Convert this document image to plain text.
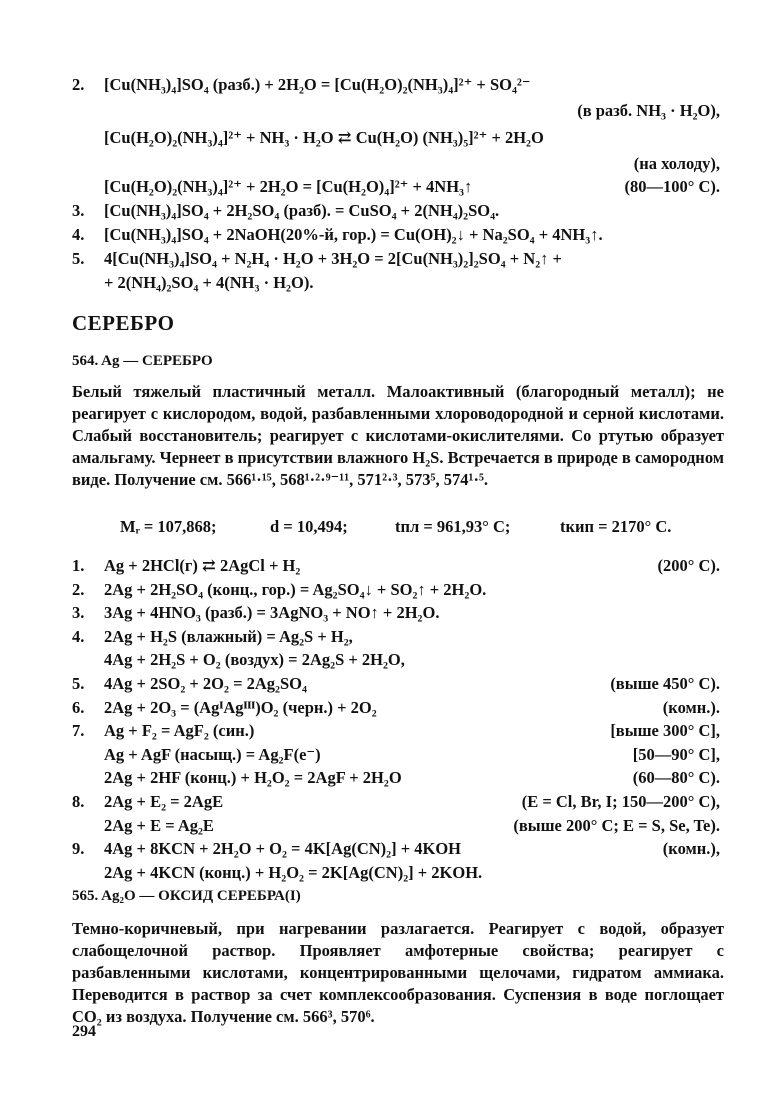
2. [Cu(NH₃)₄]SO₄ (разб.) + 2H₂O = [Cu(H₂O)₂(NH₃)₄]²⁺ + SO₄²⁻
(в разб. NH₃ · H₂O),
[Cu(H₂O)₂(NH₃)₄]²⁺ + NH₃ · H₂O ⇄ Cu(H₂O) (NH₃)₅]²⁺ + 2H₂O
(на холоду),
[Cu(H₂O)₂(NH₃)₄]²⁺ + 2H₂O = [Cu(H₂O)₄]²⁺ + 4NH₃↑	(80—100° С).
3. [Cu(NH₃)₄]SO₄ + 2H₂SO₄ (разб). = CuSO₄ + 2(NH₄)₂SO₄.
4. [Cu(NH₃)₄]SO₄ + 2NaOH(20%-й, гор.) = Cu(OH)₂↓ + Na₂SO₄ + 4NH₃↑.
5. 4[Cu(NH₃)₄]SO₄ + N₂H₄ · H₂O + 3H₂O = 2[Cu(NH₃)₂]₂SO₄ + N₂↑ +
+ 2(NH₄)₂SO₄ + 4(NH₃ · H₂O).
СЕРЕБРО
564. Ag — СЕРЕБРО
Белый тяжелый пластичный металл. Малоактивный (благородный металл); не реагирует с кислородом, водой, разбавленными хлороводородной и серной кислотами. Слабый восстановитель; реагирует с кислотами-окислителями. Со ртутью образует амальгаму. Чернеет в присутствии влажного H₂S. Встречается в природе в самородном виде. Получение см. 566¹·¹⁵, 568¹·²·⁹⁻¹¹, 571²·³, 573⁵, 574¹·⁵.
Mᵣ = 107,868;	d = 10,494;	tпл = 961,93° С;	tкип = 2170° С.
1. Ag + 2HCl(г) ⇄ 2AgCl + H₂	(200° С).
2. 2Ag + 2H₂SO₄ (конц., гор.) = Ag₂SO₄↓ + SO₂↑ + 2H₂O.
3. 3Ag + 4HNO₃ (разб.) = 3AgNO₃ + NO↑ + 2H₂O.
4. 2Ag + H₂S (влажный) = Ag₂S + H₂,
4Ag + 2H₂S + O₂ (воздух) = 2Ag₂S + 2H₂O,
5. 4Ag + 2SO₂ + 2O₂ = 2Ag₂SO₄	(выше 450° С).
6. 2Ag + 2O₃ = (AgᴵAgᴵᴵᴵ)O₂ (черн.) + 2O₂	(комн.).
7. Ag + F₂ = AgF₂ (син.)	[выше 300° С],
Ag + AgF (насыщ.) = Ag₂F(e⁻)	[50—90° С],
2Ag + 2HF (конц.) + H₂O₂ = 2AgF + 2H₂O	(60—80° С).
8. 2Ag + E₂ = 2AgE	(E = Cl, Br, I; 150—200° С),
2Ag + E = Ag₂E	(выше 200° С; E = S, Se, Te).
9. 4Ag + 8KCN + 2H₂O + O₂ = 4K[Ag(CN)₂] + 4KOH	(комн.),
2Ag + 4KCN (конц.) + H₂O₂ = 2K[Ag(CN)₂] + 2KOH.
565. Ag₂O — ОКСИД СЕРЕБРА(I)
Темно-коричневый, при нагревании разлагается. Реагирует с водой, образует слабощелочной раствор. Проявляет амфотерные свойства; реагирует с разбавленными кислотами, концентрированными щелочами, гидратом аммиака. Переводится в раствор за счет комплексообразования. Суспензия в воде поглощает CO₂ из воздуха. Получение см. 566³, 570⁶.
294
